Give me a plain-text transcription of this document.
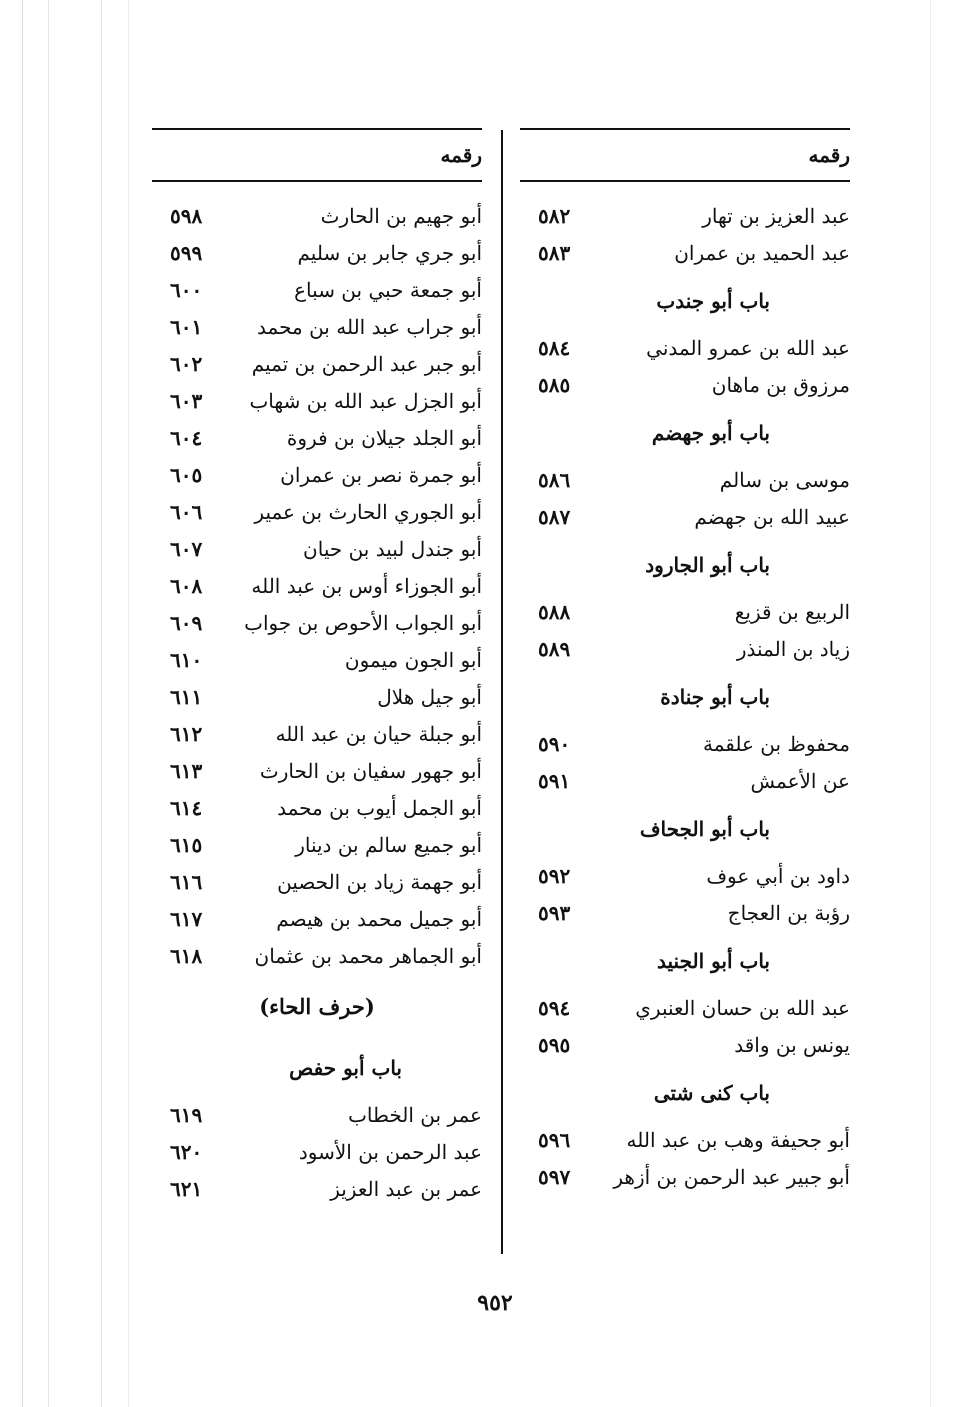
رقمه
عبد العزيز بن تهار
٥٨٢
عبد الحميد بن عمران
٥٨٣
باب أبو جندب
عبد الله بن عمرو المدني
٥٨٤
مرزوق بن ماهان
٥٨٥
باب أبو جهضم
موسى بن سالم
٥٨٦
عبيد الله بن جهضم
٥٨٧
باب أبو الجارود
الربيع بن قزيع
٥٨٨
زياد بن المنذر
٥٨٩
باب أبو جنادة
محفوظ بن علقمة
٥٩٠
عن الأعمش
٥٩١
باب أبو الجحاف
داود بن أبي عوف
٥٩٢
رؤبة بن العجاج
٥٩٣
باب أبو الجنيد
عبد الله بن حسان العنبري
٥٩٤
يونس بن واقد
٥٩٥
باب كنى شتى
أبو جحيفة وهب بن عبد الله
٥٩٦
أبو جبير عبد الرحمن بن أزهر
٥٩٧
رقمه
أبو جهيم بن الحارث
٥٩٨
أبو جري جابر بن سليم
٥٩٩
أبو جمعة حبي بن سباع
٦٠٠
أبو جراب عبد الله بن محمد
٦٠١
أبو جبر عبد الرحمن بن تميم
٦٠٢
أبو الجزل عبد الله بن شهاب
٦٠٣
أبو الجلد جيلان بن فروة
٦٠٤
أبو جمرة نصر بن عمران
٦٠٥
أبو الجوري الحارث بن عمير
٦٠٦
أبو جندل لبيد بن حيان
٦٠٧
أبو الجوزاء أوس بن عبد الله
٦٠٨
أبو الجواب الأحوص بن جواب
٦٠٩
أبو الجون ميمون
٦١٠
أبو جيل هلال
٦١١
أبو جبلة حيان بن عبد الله
٦١٢
أبو جهور سفيان بن الحارث
٦١٣
أبو الجمل أيوب بن محمد
٦١٤
أبو جميع سالم بن دينار
٦١٥
أبو جهمة زياد بن الحصين
٦١٦
أبو جميل محمد بن هيصم
٦١٧
أبو الجماهر محمد بن عثمان
٦١٨
(حرف الحاء)
باب أبو حفص
عمر بن الخطاب
٦١٩
عبد الرحمن بن الأسود
٦٢٠
عمر بن عبد العزيز
٦٢١
٩٥٢
